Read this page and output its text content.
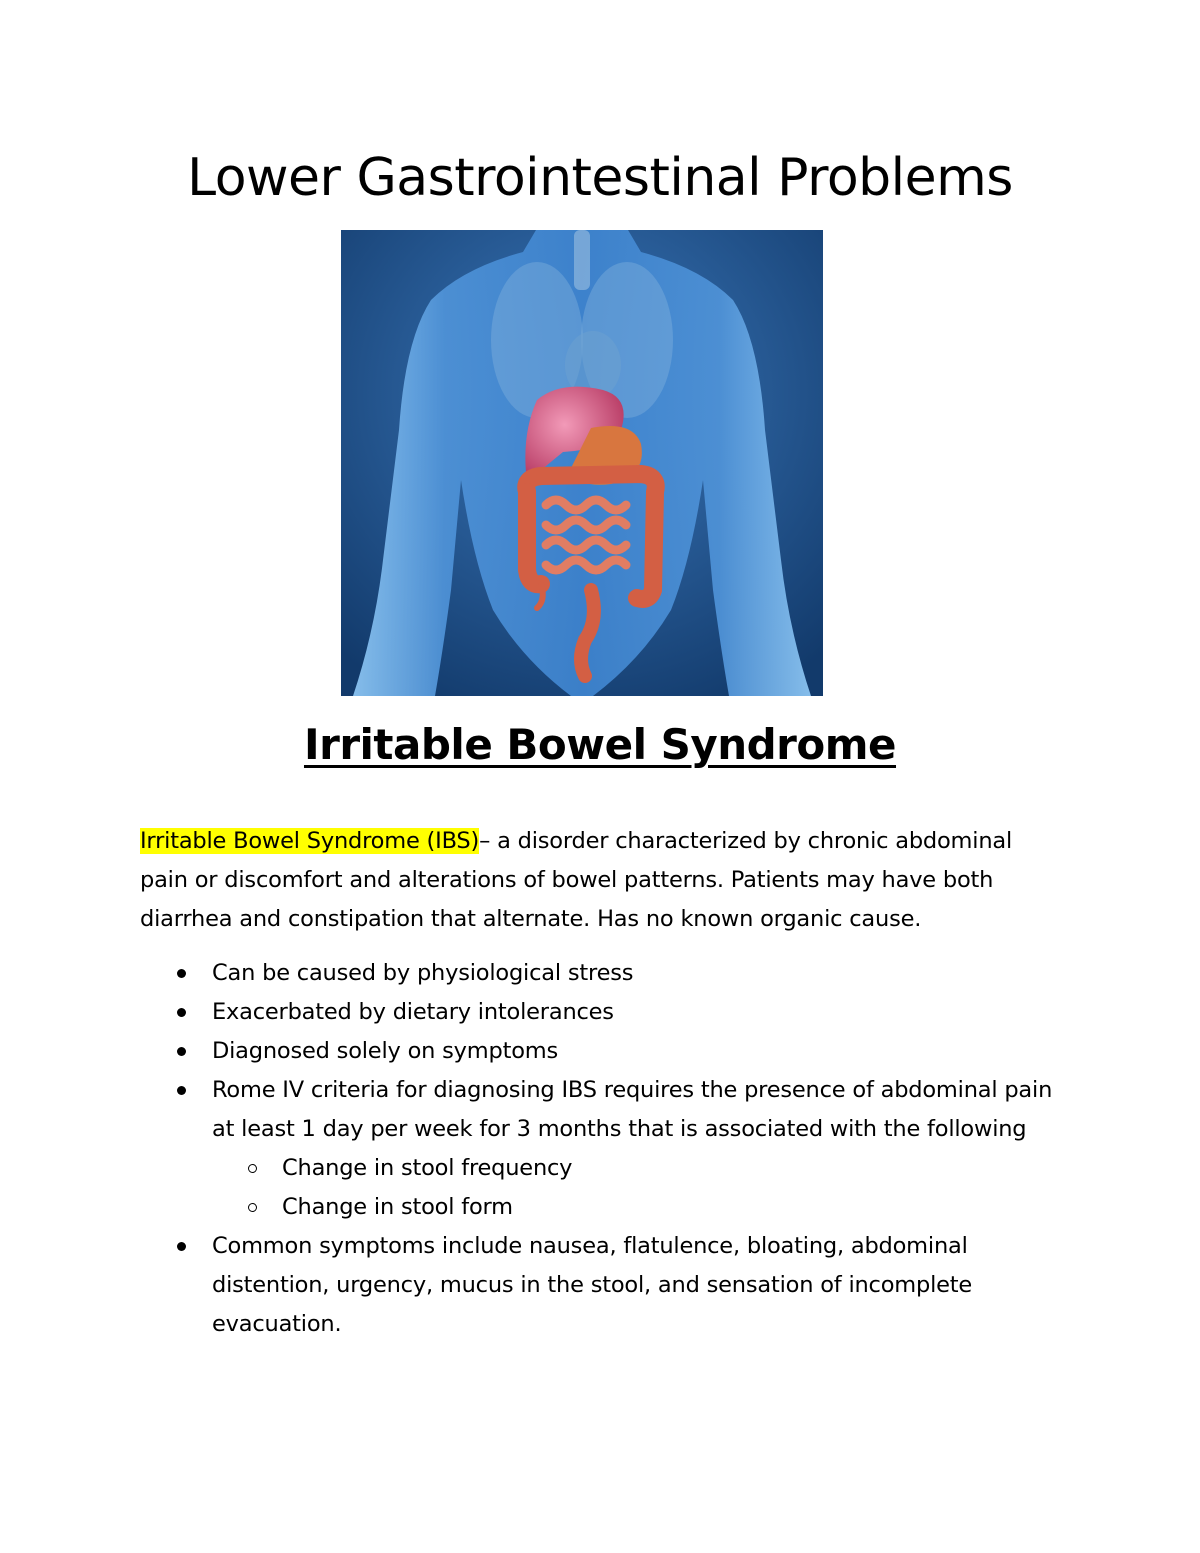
Lower Gastrointestinal Problems
Irritable Bowel Syndrome

Irritable Bowel Syndrome (IBS)– a disorder characterized by chronic abdominal pain or discomfort and alterations of bowel patterns. Patients may have both diarrhea and constipation that alternate. Has no known organic cause.

Can be caused by physiological stress
Exacerbated by dietary intolerances
Diagnosed solely on symptoms
Rome IV criteria for diagnosing IBS requires the presence of abdominal pain at least 1 day per week for 3 months that is associated with the following
Change in stool frequency
Change in stool form
Common symptoms include nausea, flatulence, bloating, abdominal distention, urgency, mucus in the stool, and sensation of incomplete evacuation.
